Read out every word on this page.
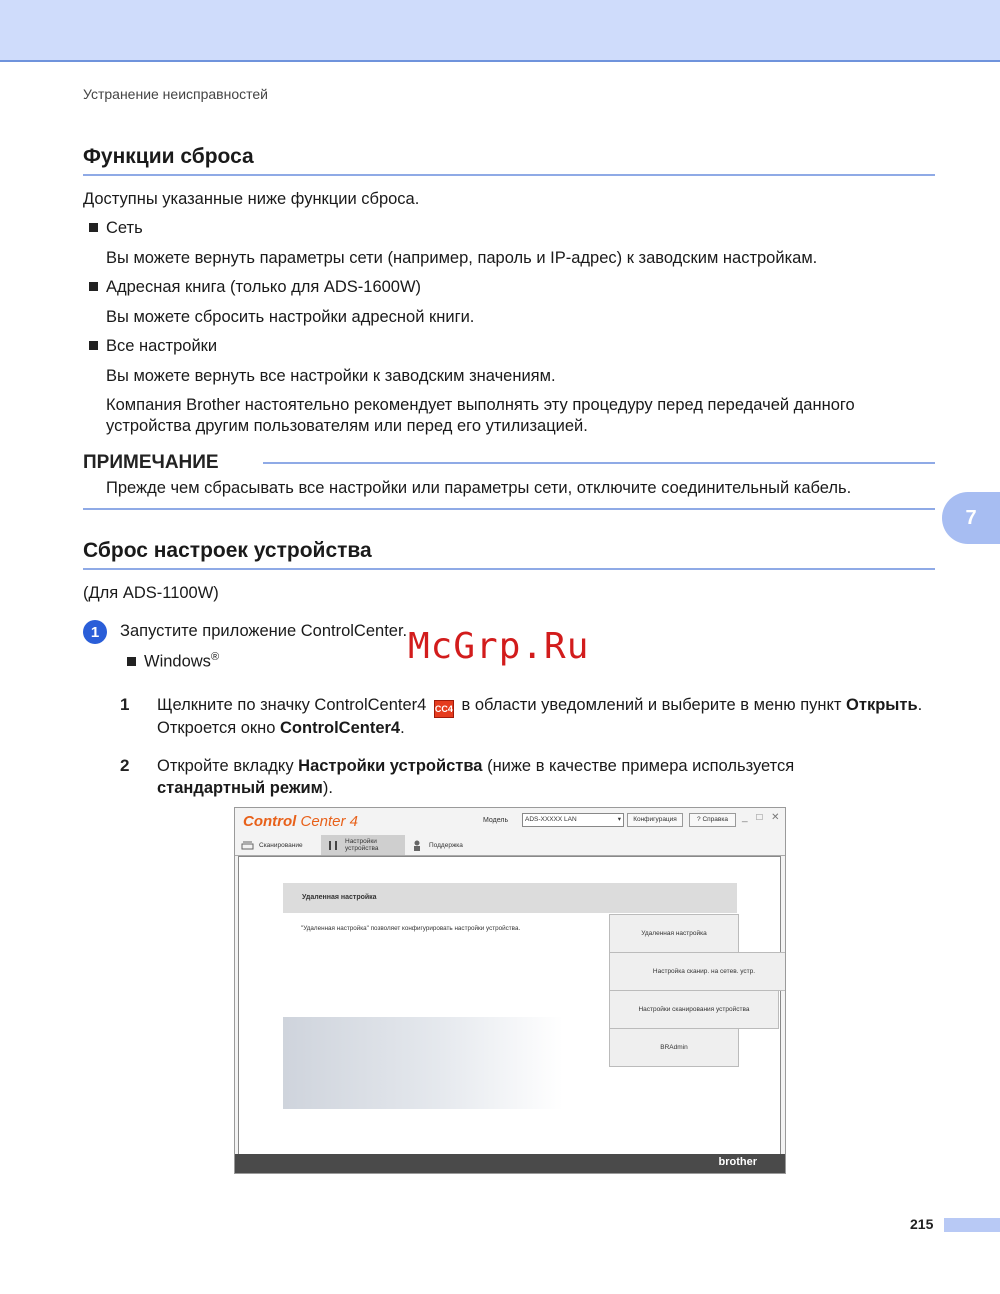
Устранение неисправностей
Функции сброса
Доступны указанные ниже функции сброса.
Сеть
Вы можете вернуть параметры сети (например, пароль и IP-адрес) к заводским настройкам.
Адресная книга (только для ADS-1600W)
Вы можете сбросить настройки адресной книги.
Все настройки
Вы можете вернуть все настройки к заводским значениям.
Компания Brother настоятельно рекомендует выполнять эту процедуру перед передачей данного
устройства другим пользователям или перед его утилизацией.
ПРИМЕЧАНИЕ
Прежде чем сбрасывать все настройки или параметры сети, отключите соединительный кабель.
7
Сброс настроек устройства
(Для ADS-1100W)
1	Запустите приложение ControlCenter. McGrp.Ru
Windows®
1 Щелкните по значку ControlCenter4 CC4 в области уведомлений и выберите в меню пункт Открыть.
Откроется окно ControlCenter4.
2 Откройте вкладку Настройки устройства (ниже в качестве примера используется
стандартный режим).
Control Center 4	Модель	ADS-XXXXX LAN ▾	Конфигурация	? Справка	_ □ ✕
Сканирование	Настройки устройства	Поддержка
Удаленная настройка
"Удаленная настройка" позволяет конфигурировать настройки устройства.
Удаленная настройка
Настройка сканир. на сетев. устр.
Настройки сканирования устройства
BRAdmin
brother
215
